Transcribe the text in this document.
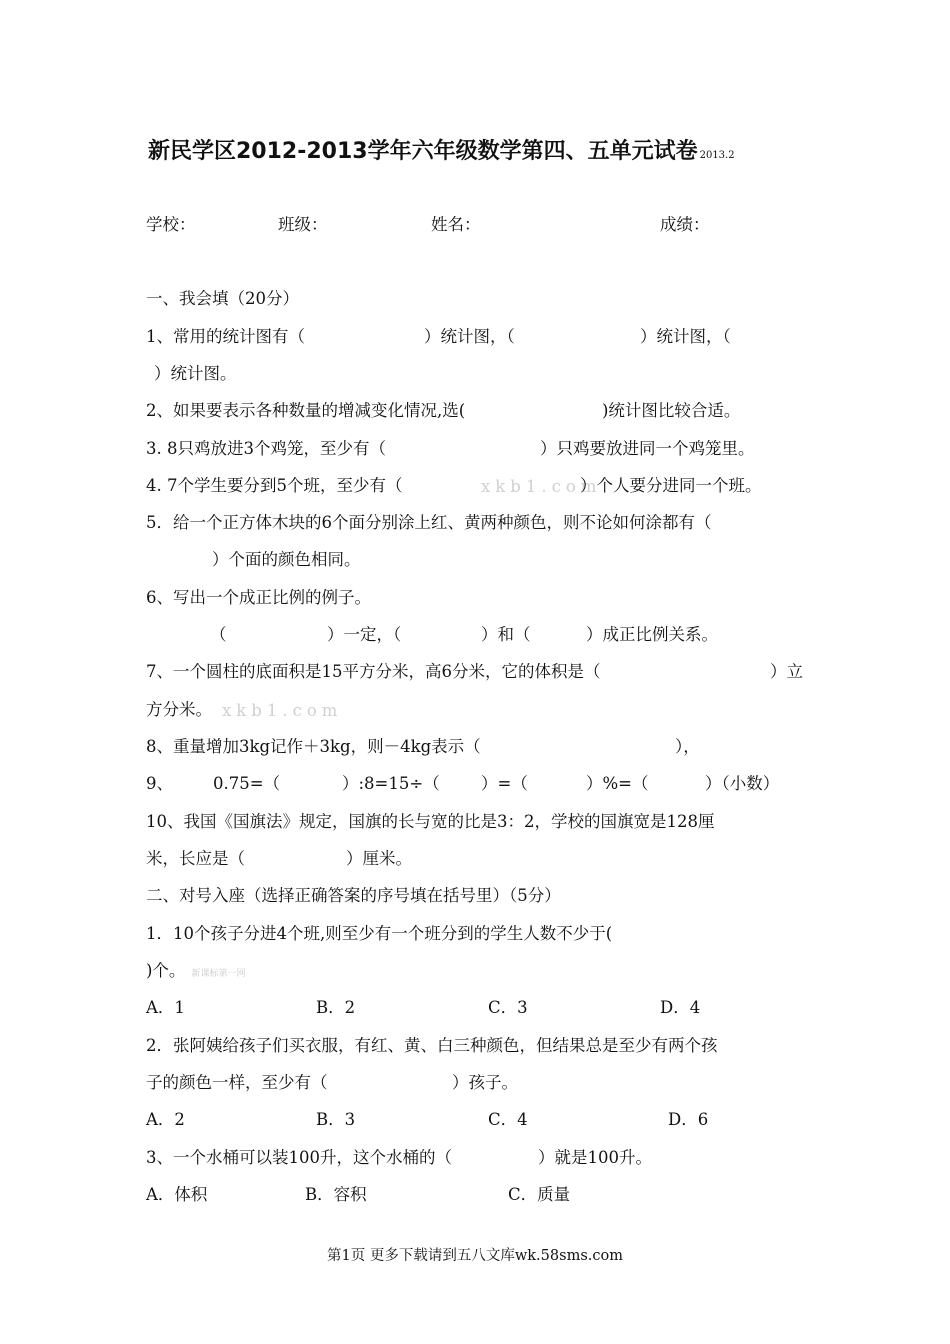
新民学区2012-2013学年六年级数学第四、五单元试卷 2013.2
学校：	班级：	姓名：	成绩：
一、我会填（20分）
1、常用的统计图有（	）统计图，（	）统计图，（
）统计图。
2、如果要表示各种数量的增减变化情况,选(	)统计图比较合适。
3. 8只鸡放进3个鸡笼，至少有（	）只鸡要放进同一个鸡笼里。
4. 7个学生要分到5个班，至少有（	xkb1.com
）个人要分进同一个班。
5．给一个正方体木块的6个面分别涂上红、黄两种颜色，则不论如何涂都有（
）个面的颜色相同。
6、写出一个成正比例的例子。
（	）一定，（	）和（	）成正比例关系。
7、一个圆柱的底面积是15平方分米，高6分米，它的体积是（	）立
方分米。 xkb1.com
8、重量增加3kg记作＋3kg，则－4kg表示（	），
9、 0.75=（	）:8=15÷（	）=（	）%=（	）（小数）
10、我国《国旗法》规定，国旗的长与宽的比是3：2，学校的国旗宽是128厘
米，长应是（	）厘米。
二、对号入座（选择正确答案的序号填在括号里）（5分）
1．10个孩子分进4个班,则至少有一个班分到的学生人数不少于(
)个。 新课标第一网
A．1	B．2	C．3	D．4
2．张阿姨给孩子们买衣服，有红、黄、白三种颜色，但结果总是至少有两个孩
子的颜色一样，至少有（	）孩子。
A．2	B．3	C．4	D．6
3、一个水桶可以装100升，这个水桶的（	）就是100升。
A．体积	B．容积	C．质量
第1页 更多下载请到五八文库wk.58sms.com
